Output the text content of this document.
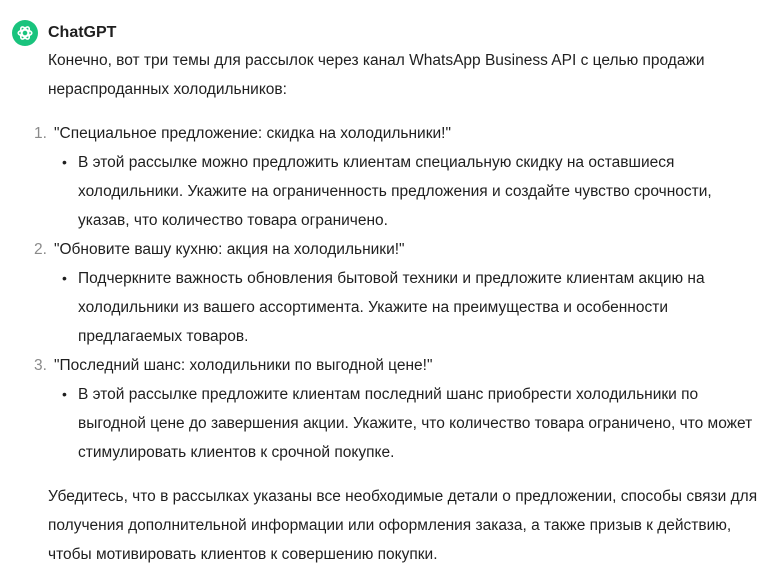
ChatGPT

Конечно, вот три темы для рассылок через канал WhatsApp Business API с целью продажи нераспроданных холодильников:

1. "Специальное предложение: скидка на холодильники!"
• В этой рассылке можно предложить клиентам специальную скидку на оставшиеся холодильники. Укажите на ограниченность предложения и создайте чувство срочности, указав, что количество товара ограничено.
2. "Обновите вашу кухню: акция на холодильники!"
• Подчеркните важность обновления бытовой техники и предложите клиентам акцию на холодильники из вашего ассортимента. Укажите на преимущества и особенности предлагаемых товаров.
3. "Последний шанс: холодильники по выгодной цене!"
• В этой рассылке предложите клиентам последний шанс приобрести холодильники по выгодной цене до завершения акции. Укажите, что количество товара ограничено, что может стимулировать клиентов к срочной покупке.

Убедитесь, что в рассылках указаны все необходимые детали о предложении, способы связи для получения дополнительной информации или оформления заказа, а также призыв к действию, чтобы мотивировать клиентов к совершению покупки.
